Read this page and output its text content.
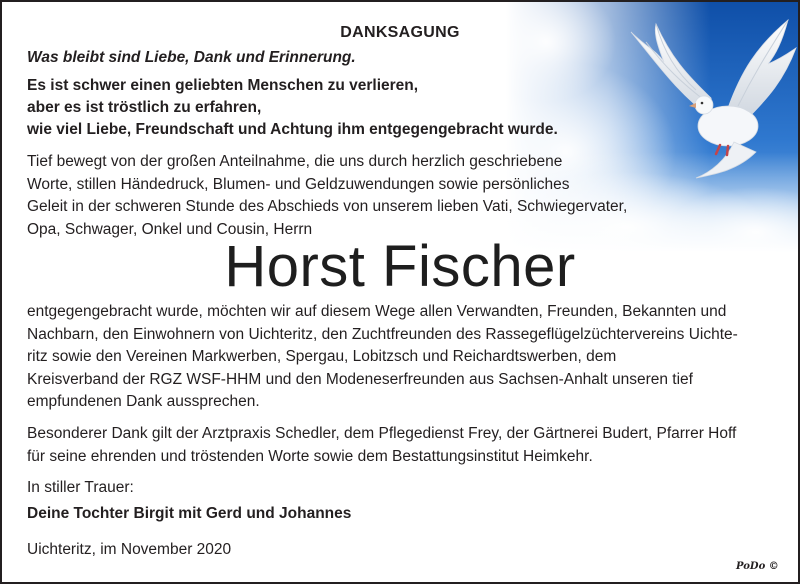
DANKSAGUNG
Was bleibt sind Liebe, Dank und Erinnerung.
Es ist schwer einen geliebten Menschen zu verlieren,
aber es ist tröstlich zu erfahren,
wie viel Liebe, Freundschaft und Achtung ihm entgegengebracht wurde.
Tief bewegt von der großen Anteilnahme, die uns durch herzlich geschriebene
Worte, stillen Händedruck, Blumen- und Geldzuwendungen sowie persönliches
Geleit in der schweren Stunde des Abschieds von unserem lieben Vati, Schwiegervater,
Opa, Schwager, Onkel und Cousin, Herrn
Horst Fischer
entgegengebracht wurde, möchten wir auf diesem Wege allen Verwandten, Freunden, Bekannten und
Nachbarn, den Einwohnern von Uichteritz, den Zuchtfreunden des Rassegeflügelzüchtervereins Uichte-
ritz sowie den Vereinen Markwerben, Spergau, Lobitzsch und Reichardtswerben, dem
Kreisverband der RGZ WSF-HHM und den Modeneserfreunden aus Sachsen-Anhalt unseren tief
empfundenen Dank aussprechen.
Besonderer Dank gilt der Arztpraxis Schedler, dem Pflegedienst Frey, der Gärtnerei Budert, Pfarrer Hoff
für seine ehrenden und tröstenden Worte sowie dem Bestattungsinstitut Heimkehr.
In stiller Trauer:
Deine Tochter Birgit mit Gerd und Johannes
Uichteritz, im November 2020
PoDo ©
